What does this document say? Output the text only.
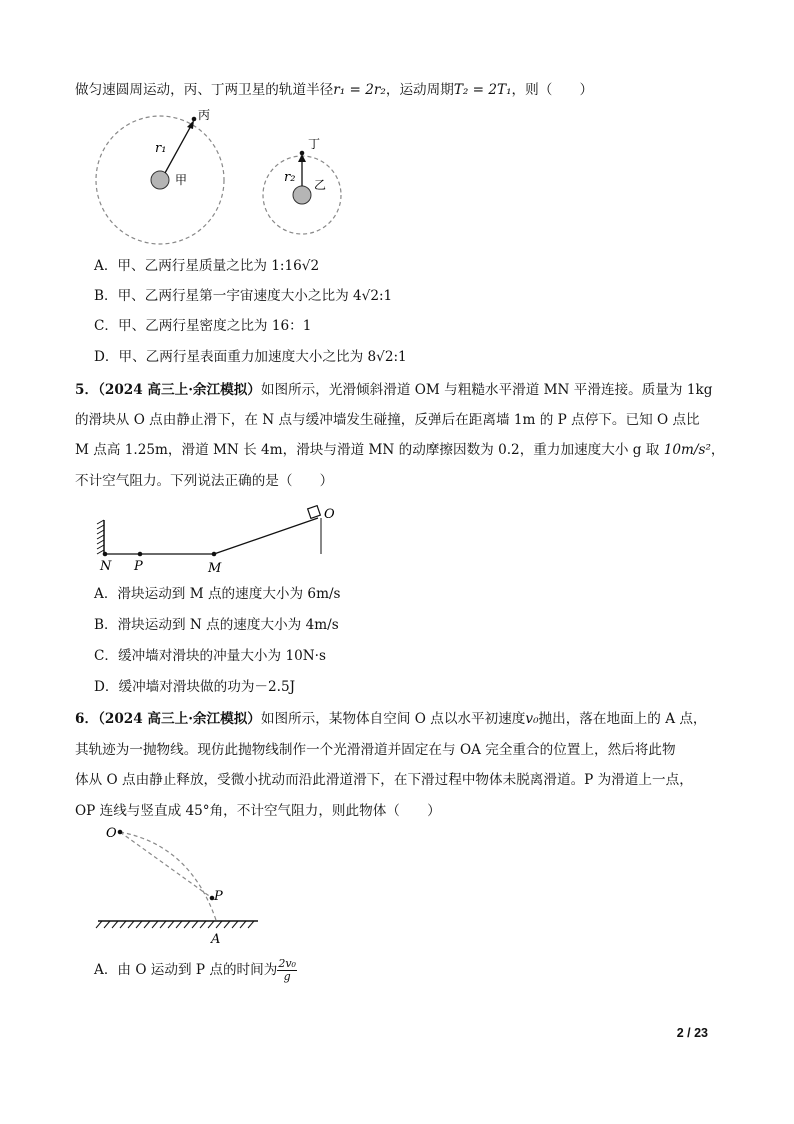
做匀速圆周运动，丙、丁两卫星的轨道半径r₁ = 2r₂，运动周期T₂ = 2T₁，则（　　）
丙
r₁
甲
丁
r₂ 乙
A．甲、乙两行星质量之比为 1:16√2
B．甲、乙两行星第一宇宙速度大小之比为 4√2:1
C．甲、乙两行星密度之比为 16：1
D．甲、乙两行星表面重力加速度大小之比为 8√2:1
5．（2024 高三上·余江模拟）如图所示，光滑倾斜滑道 OM 与粗糙水平滑道 MN 平滑连接。质量为 1kg
的滑块从 O 点由静止滑下，在 N 点与缓冲墙发生碰撞，反弹后在距离墙 1m 的 P 点停下。已知 O 点比
M 点高 1.25m，滑道 MN 长 4m，滑块与滑道 MN 的动摩擦因数为 0.2，重力加速度大小 g 取 10m/s²，
不计空气阻力。下列说法正确的是（　　）
O
N P	M
A．滑块运动到 M 点的速度大小为 6m/s
B．滑块运动到 N 点的速度大小为 4m/s
C．缓冲墙对滑块的冲量大小为 10N·s
D．缓冲墙对滑块做的功为－2.5J
6．（2024 高三上·余江模拟）如图所示，某物体自空间 O 点以水平初速度v₀抛出，落在地面上的 A 点，
其轨迹为一抛物线。现仿此抛物线制作一个光滑滑道并固定在与 OA 完全重合的位置上，然后将此物
体从 O 点由静止释放，受微小扰动而沿此滑道滑下，在下滑过程中物体未脱离滑道。P 为滑道上一点，
OP 连线与竖直成 45°角，不计空气阻力，则此物体（　　）
O
P
A
A．由 O 运动到 P 点的时间为 $\frac{\text{2v₀}}{g}$
2 / 23
